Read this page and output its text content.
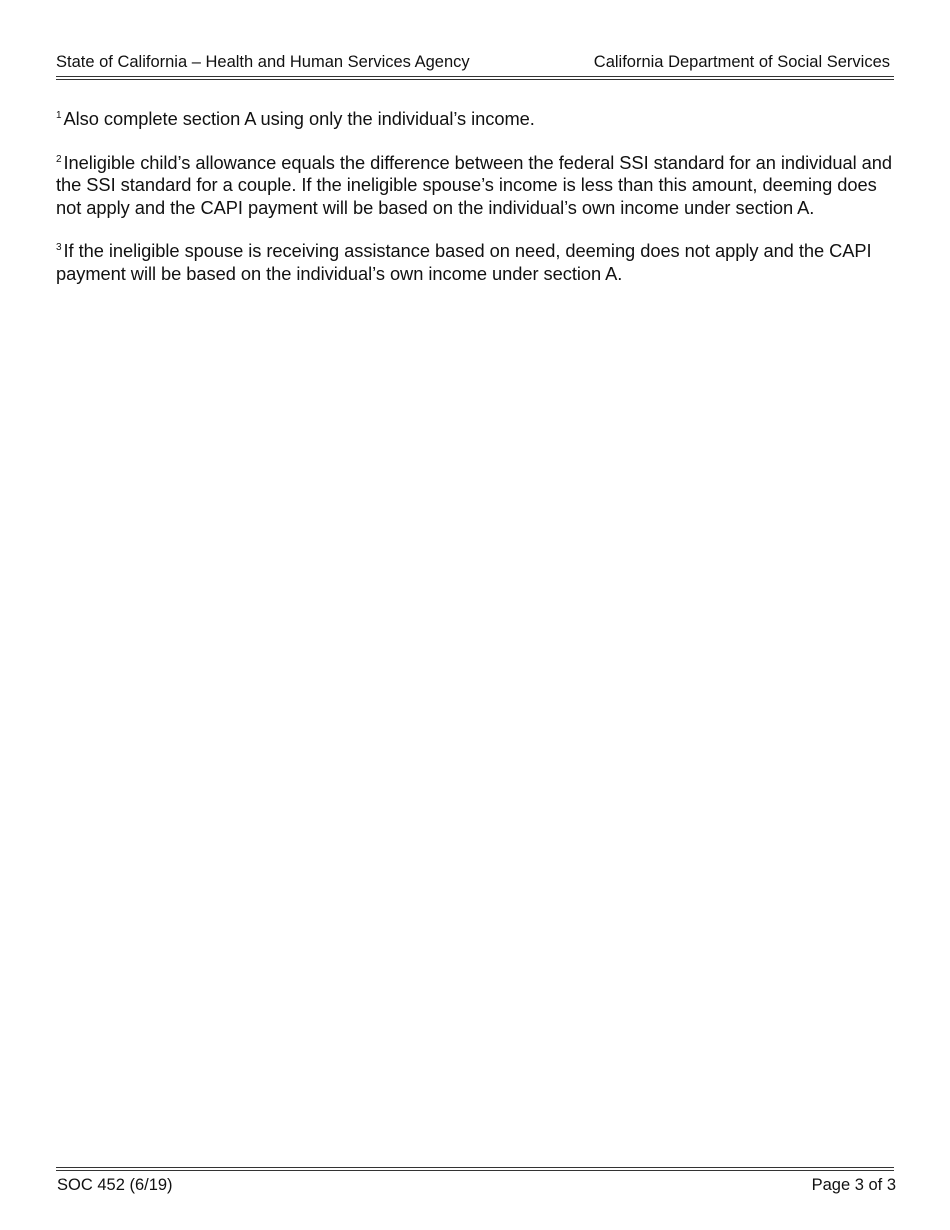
State of California – Health and Human Services Agency	California Department of Social Services

$^1$ Also complete section A using only the individual’s income.

$^2$ Ineligible child’s allowance equals the difference between the federal SSI standard for an individual and the SSI standard for a couple. If the ineligible spouse’s income is less than this amount, deeming does not apply and the CAPI payment will be based on the individual’s own income under section A.

$^3$ If the ineligible spouse is receiving assistance based on need, deeming does not apply and the CAPI payment will be based on the individual’s own income under section A.

SOC 452 (6/19)	Page 3 of 3
